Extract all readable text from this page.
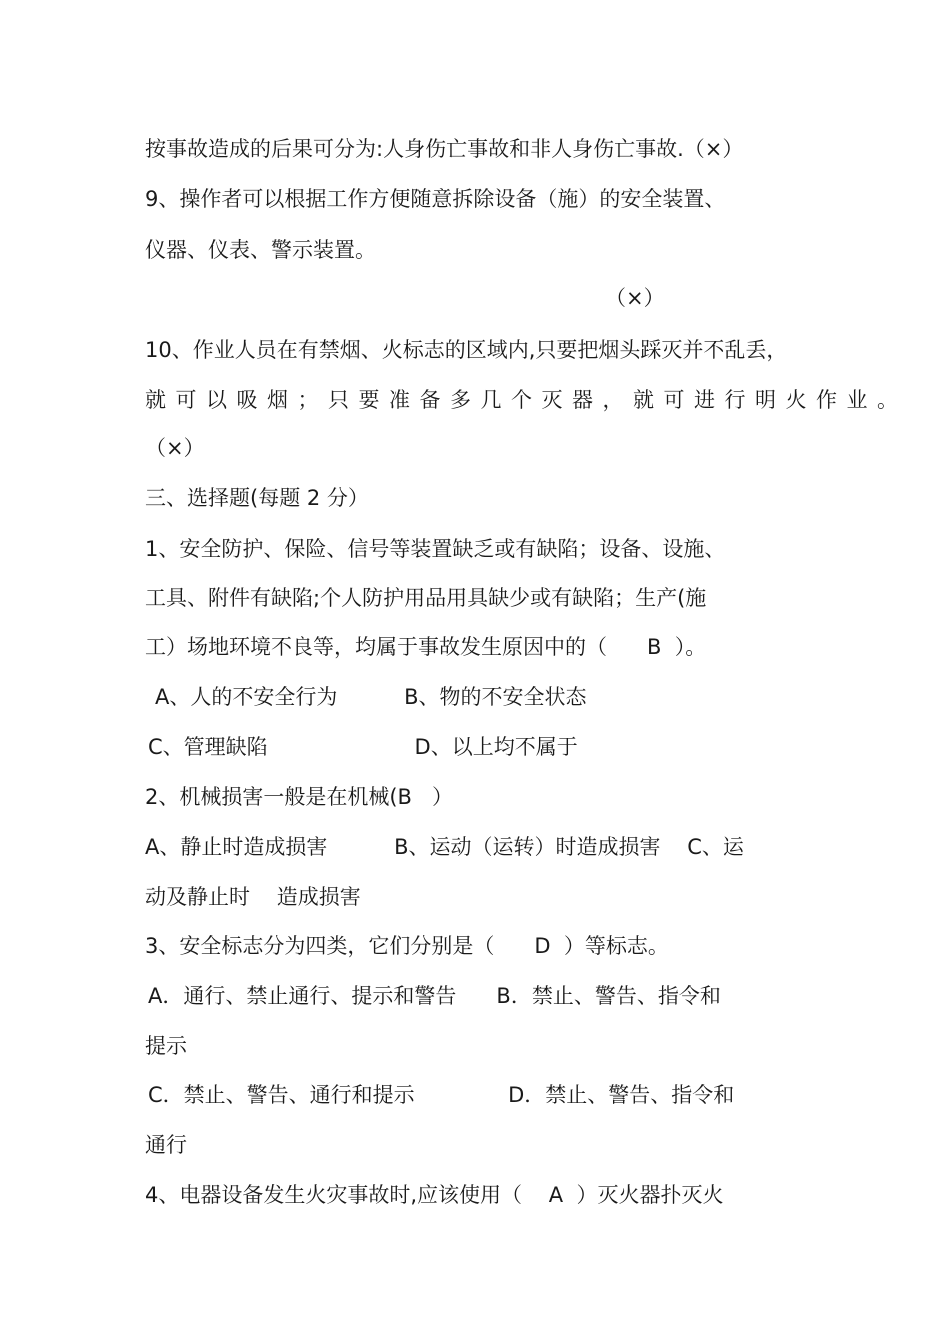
按事故造成的后果可分为:人身伤亡事故和非人身伤亡事故.（×）
9、操作者可以根据工作方便随意拆除设备（施）的安全装置、
仪器、仪表、警示装置。
（×）
10、作业人员在有禁烟、火标志的区域内,只要把烟头踩灭并不乱丢，
就可以吸烟；只要准备多几个灭器，就可进行明火作业。
（×）
三、选择题(每题 2 分）
1、安全防护、保险、信号等装置缺乏或有缺陷；设备、设施、
工具、附件有缺陷;个人防护用品用具缺少或有缺陷；生产(施
工）场地环境不良等，均属于事故发生原因中的（      B  ）。
A、人的不安全行为          B、物的不安全状态
C、管理缺陷                      D、以上均不属于
2、机械损害一般是在机械(B   ）
A、静止时造成损害          B、运动（运转）时造成损害    C、运
动及静止时    造成损害
3、安全标志分为四类，它们分别是（      D  ）等标志。
A．通行、禁止通行、提示和警告      B．禁止、警告、指令和
提示
C．禁止、警告、通行和提示              D．禁止、警告、指令和
通行
4、电器设备发生火灾事故时,应该使用（    A  ）灭火器扑灭火
